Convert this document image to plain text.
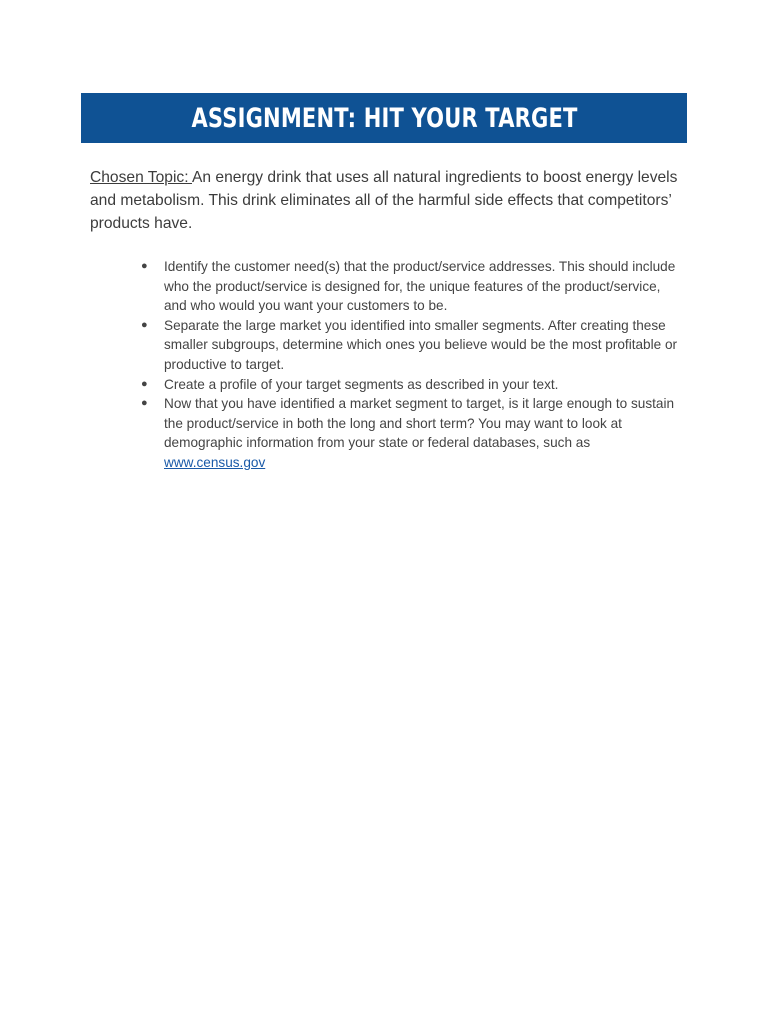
ASSIGNMENT: HIT YOUR TARGET
Chosen Topic: An energy drink that uses all natural ingredients to boost energy levels and metabolism. This drink eliminates all of the harmful side effects that competitors’ products have.
● Identify the customer need(s) that the product/service addresses. This should include who the product/service is designed for, the unique features of the product/service, and who would you want your customers to be.
● Separate the large market you identified into smaller segments. After creating these smaller subgroups, determine which ones you believe would be the most profitable or productive to target.
● Create a profile of your target segments as described in your text.
● Now that you have identified a market segment to target, is it large enough to sustain the product/service in both the long and short term? You may want to look at demographic information from your state or federal databases, such as www.census.gov
